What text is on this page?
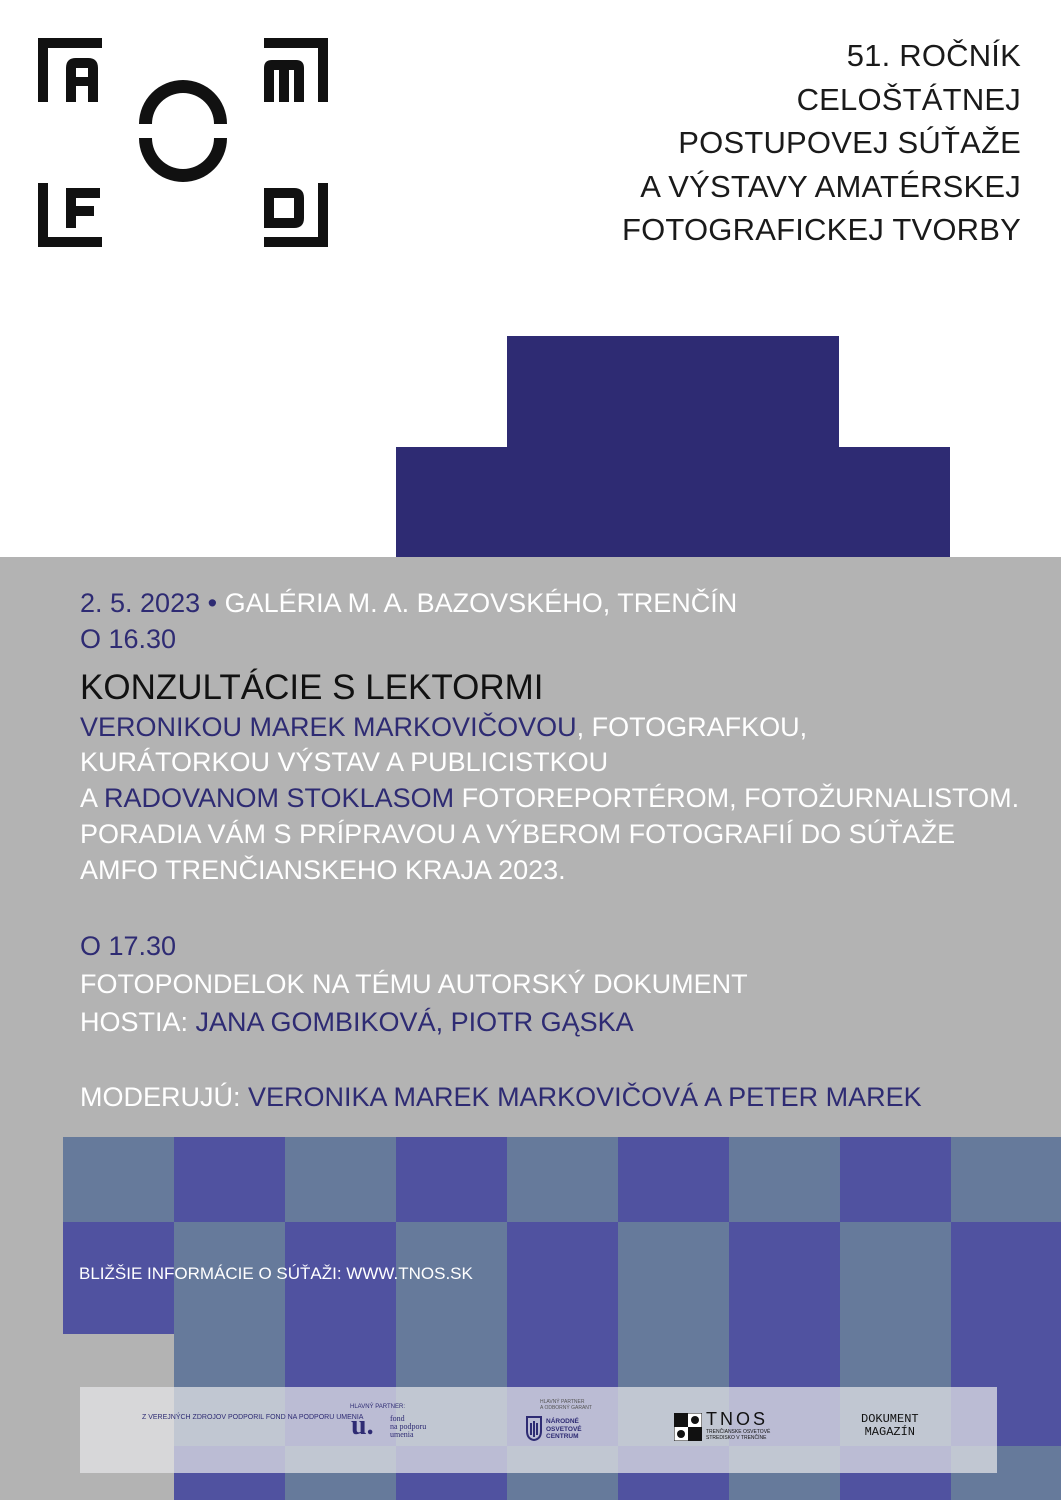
51. ROČNÍK
CELOŠTÁTNEJ
POSTUPOVEJ SÚŤAŽE
A VÝSTAVY AMATÉRSKEJ
FOTOGRAFICKEJ TVORBY
2. 5. 2023 • GALÉRIA M. A. BAZOVSKÉHO, TRENČÍN
O 16.30
KONZULTÁCIE S LEKTORMI
VERONIKOU MAREK MARKOVIČOVOU, FOTOGRAFKOU,
KURÁTORKOU VÝSTAV A PUBLICISTKOU
A RADOVANOM STOKLASOM FOTOREPORTÉROM, FOTOŽURNALISTOM.
PORADIA VÁM S PRÍPRAVOU A VÝBEROM FOTOGRAFIÍ DO SÚŤAŽE
AMFO TRENČIANSKEHO KRAJA 2023.
O 17.30
FOTOPONDELOK NA TÉMU AUTORSKÝ DOKUMENT
HOSTIA: JANA GOMBIKOVÁ, PIOTR GĄSKA
MODERUJÚ: VERONIKA MAREK MARKOVIČOVÁ A PETER MAREK
BLIŽŠIE INFORMÁCIE O SÚŤAŽI: WWW.TNOS.SK
Z VEREJNÝCH ZDROJOV PODPORIL FOND NA PODPORU UMENIA
HLAVNÝ PARTNER:
u. fond
na podporu
umenia
HLAVNÝ PARTNER
A ODBORNÝ GARANT
NÁRODNÉ
OSVETOVÉ
CENTRUM
TNOS
TRENČIANSKE OSVETOVÉ
STREDISKO V TRENČÍNE
DOKUMENT
MAGAZÍN
